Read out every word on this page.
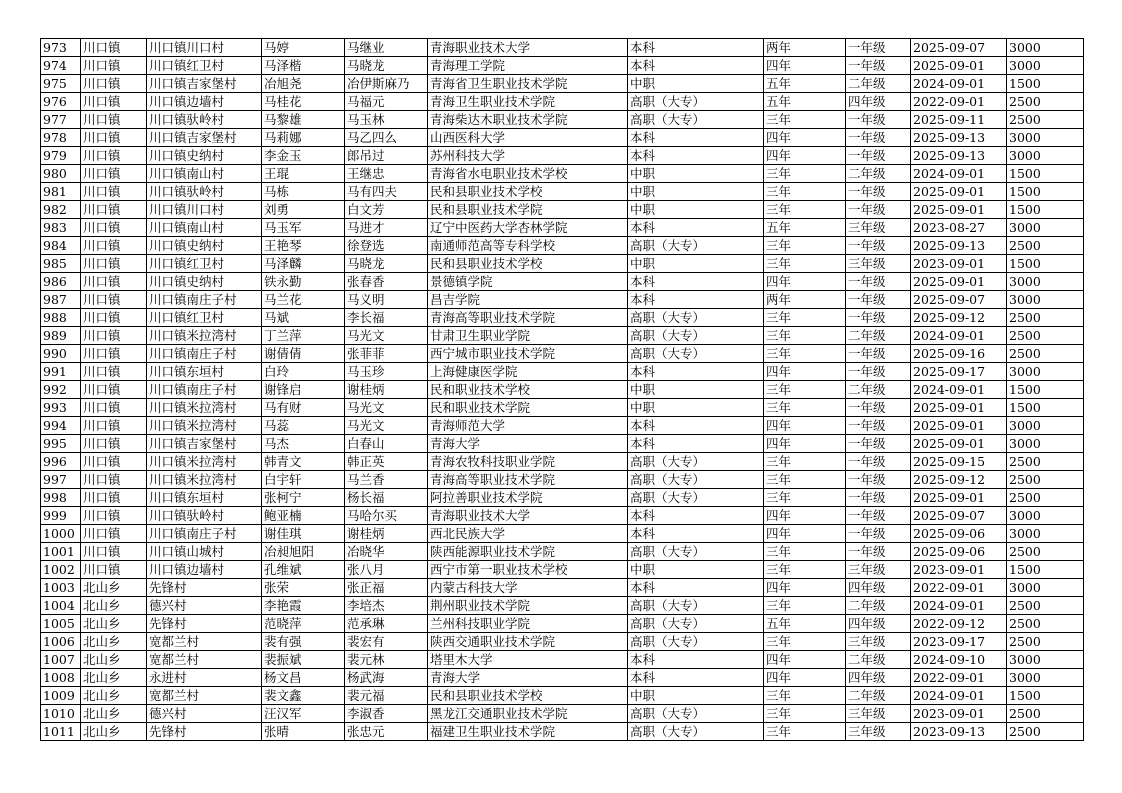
973	川口镇	川口镇川口村	马婷	马继业	青海职业技术大学	本科	两年	一年级	2025-09-07	3000
974	川口镇	川口镇红卫村	马泽楷	马晓龙	青海理工学院	本科	四年	一年级	2025-09-01	3000
975	川口镇	川口镇吉家堡村	冶旭尧	冶伊斯麻乃	青海省卫生职业技术学院	中职	五年	二年级	2024-09-01	1500
976	川口镇	川口镇边墙村	马桂花	马福元	青海卫生职业技术学院	高职（大专）	五年	四年级	2022-09-01	2500
977	川口镇	川口镇驮岭村	马黎雄	马玉林	青海柴达木职业技术学院	高职（大专）	三年	一年级	2025-09-11	2500
978	川口镇	川口镇吉家堡村	马莉娜	马乙四么	山西医科大学	本科	四年	一年级	2025-09-13	3000
979	川口镇	川口镇史纳村	李金玉	郎吊过	苏州科技大学	本科	四年	一年级	2025-09-13	3000
980	川口镇	川口镇南山村	王琨	王继忠	青海省水电职业技术学校	中职	三年	二年级	2024-09-01	1500
981	川口镇	川口镇驮岭村	马栋	马有四夫	民和县职业技术学校	中职	三年	一年级	2025-09-01	1500
982	川口镇	川口镇川口村	刘勇	白文芳	民和县职业技术学院	中职	三年	一年级	2025-09-01	1500
983	川口镇	川口镇南山村	马玉军	马进才	辽宁中医药大学杏林学院	本科	五年	三年级	2023-08-27	3000
984	川口镇	川口镇史纳村	王艳琴	徐登选	南通师范高等专科学校	高职（大专）	三年	一年级	2025-09-13	2500
985	川口镇	川口镇红卫村	马泽麟	马晓龙	民和县职业技术学校	中职	三年	三年级	2023-09-01	1500
986	川口镇	川口镇史纳村	铁永勤	张春香	景德镇学院	本科	四年	一年级	2025-09-01	3000
987	川口镇	川口镇南庄子村	马兰花	马义明	昌吉学院	本科	两年	一年级	2025-09-07	3000
988	川口镇	川口镇红卫村	马斌	李长福	青海高等职业技术学院	高职（大专）	三年	一年级	2025-09-12	2500
989	川口镇	川口镇米拉湾村	丁兰萍	马光文	甘肃卫生职业学院	高职（大专）	三年	二年级	2024-09-01	2500
990	川口镇	川口镇南庄子村	谢倩倩	张菲菲	西宁城市职业技术学院	高职（大专）	三年	一年级	2025-09-16	2500
991	川口镇	川口镇东垣村	白玲	马玉珍	上海健康医学院	本科	四年	一年级	2025-09-17	3000
992	川口镇	川口镇南庄子村	谢锋启	谢桂炳	民和职业技术学校	中职	三年	二年级	2024-09-01	1500
993	川口镇	川口镇米拉湾村	马有财	马光文	民和职业技术学院	中职	三年	一年级	2025-09-01	1500
994	川口镇	川口镇米拉湾村	马蕊	马光文	青海师范大学	本科	四年	一年级	2025-09-01	3000
995	川口镇	川口镇吉家堡村	马杰	白春山	青海大学	本科	四年	一年级	2025-09-01	3000
996	川口镇	川口镇米拉湾村	韩青文	韩正英	青海农牧科技职业学院	高职（大专）	三年	一年级	2025-09-15	2500
997	川口镇	川口镇米拉湾村	白宇轩	马兰香	青海高等职业技术学院	高职（大专）	三年	一年级	2025-09-12	2500
998	川口镇	川口镇东垣村	张柯宁	杨长福	阿拉善职业技术学院	高职（大专）	三年	一年级	2025-09-01	2500
999	川口镇	川口镇驮岭村	鲍亚楠	马哈尔买	青海职业技术大学	本科	四年	一年级	2025-09-07	3000
1000	川口镇	川口镇南庄子村	谢佳琪	谢桂炳	西北民族大学	本科	四年	一年级	2025-09-06	3000
1001	川口镇	川口镇山城村	冶昶旭阳	冶晓华	陕西能源职业技术学院	高职（大专）	三年	一年级	2025-09-06	2500
1002	川口镇	川口镇边墙村	孔维斌	张八月	西宁市第一职业技术学校	中职	三年	三年级	2023-09-01	1500
1003	北山乡	先锋村	张荣	张正福	内蒙古科技大学	本科	四年	四年级	2022-09-01	3000
1004	北山乡	德兴村	李艳霞	李培杰	荆州职业技术学院	高职（大专）	三年	二年级	2024-09-01	2500
1005	北山乡	先锋村	范晓萍	范承琳	兰州科技职业学院	高职（大专）	五年	四年级	2022-09-12	2500
1006	北山乡	宽都兰村	裴有强	裴宏有	陕西交通职业技术学院	高职（大专）	三年	三年级	2023-09-17	2500
1007	北山乡	宽都兰村	裴振斌	裴元林	塔里木大学	本科	四年	二年级	2024-09-10	3000
1008	北山乡	永进村	杨文昌	杨武海	青海大学	本科	四年	四年级	2022-09-01	3000
1009	北山乡	宽都兰村	裴文鑫	裴元福	民和县职业技术学校	中职	三年	二年级	2024-09-01	1500
1010	北山乡	德兴村	汪汉军	李淑香	黑龙江交通职业技术学院	高职（大专）	三年	三年级	2023-09-01	2500
1011	北山乡	先锋村	张晴	张忠元	福建卫生职业技术学院	高职（大专）	三年	三年级	2023-09-13	2500
